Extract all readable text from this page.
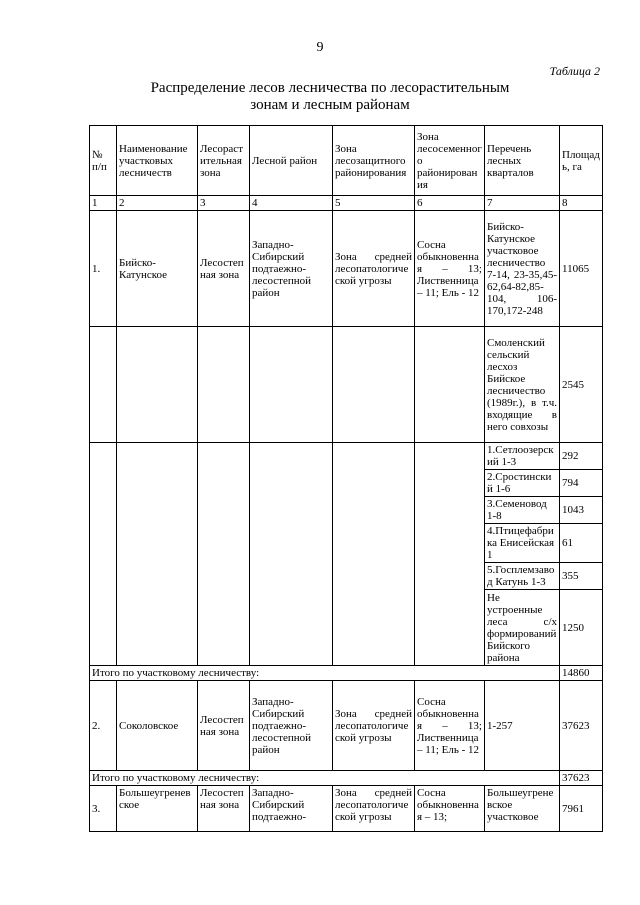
9
Таблица 2
Распределение лесов лесничества по лесорастительным
зонам и лесным районам
№ п/п	Наименование участковых лесничеств	Лесорастительная зона	Лесной район	Зона лесозащитного районирования	Зона лесосеменного районирования	Перечень лесных кварталов	Площадь, га
1	2	3	4	5	6	7	8
1.	Бийско-Катунское	Лесостепная зона	Западно-Сибирский подтаежно-лесостепной район	Зона средней лесопатологической угрозы	Сосна обыкновенная – 13; Лиственница – 11; Ель - 12	Бийско-Катунское участковое лесничество 7-14, 23-35,45-62,64-82,85-104, 106-170,172-248	11065
						Смоленский сельский лесхоз Бийское лесничество (1989г.), в т.ч. входящие в него совхозы	2545
						1.Сетлоозерский 1-3	292
						2.Сростинский 1-6	794
						3.Семеновод 1-8	1043
						4.Птицефабрика Енисейская 1	61
						5.Госплемзавод Катунь 1-3	355
						Не устроенные леса с/х формирований Бийского района	1250
Итого по участковому лесничеству:							14860
2.	Соколовское	Лесостепная зона	Западно-Сибирский подтаежно-лесостепной район	Зона средней лесопатологической угрозы	Сосна обыкновенная – 13; Лиственница – 11; Ель - 12	1-257	37623
Итого по участковому лесничеству:							37623
3.	Большеугреневское	Лесостепная зона	Западно-Сибирский подтаежно-	Зона средней лесопатологической угрозы	Сосна обыкновенная – 13;	Большеугреневское участковое	7961
